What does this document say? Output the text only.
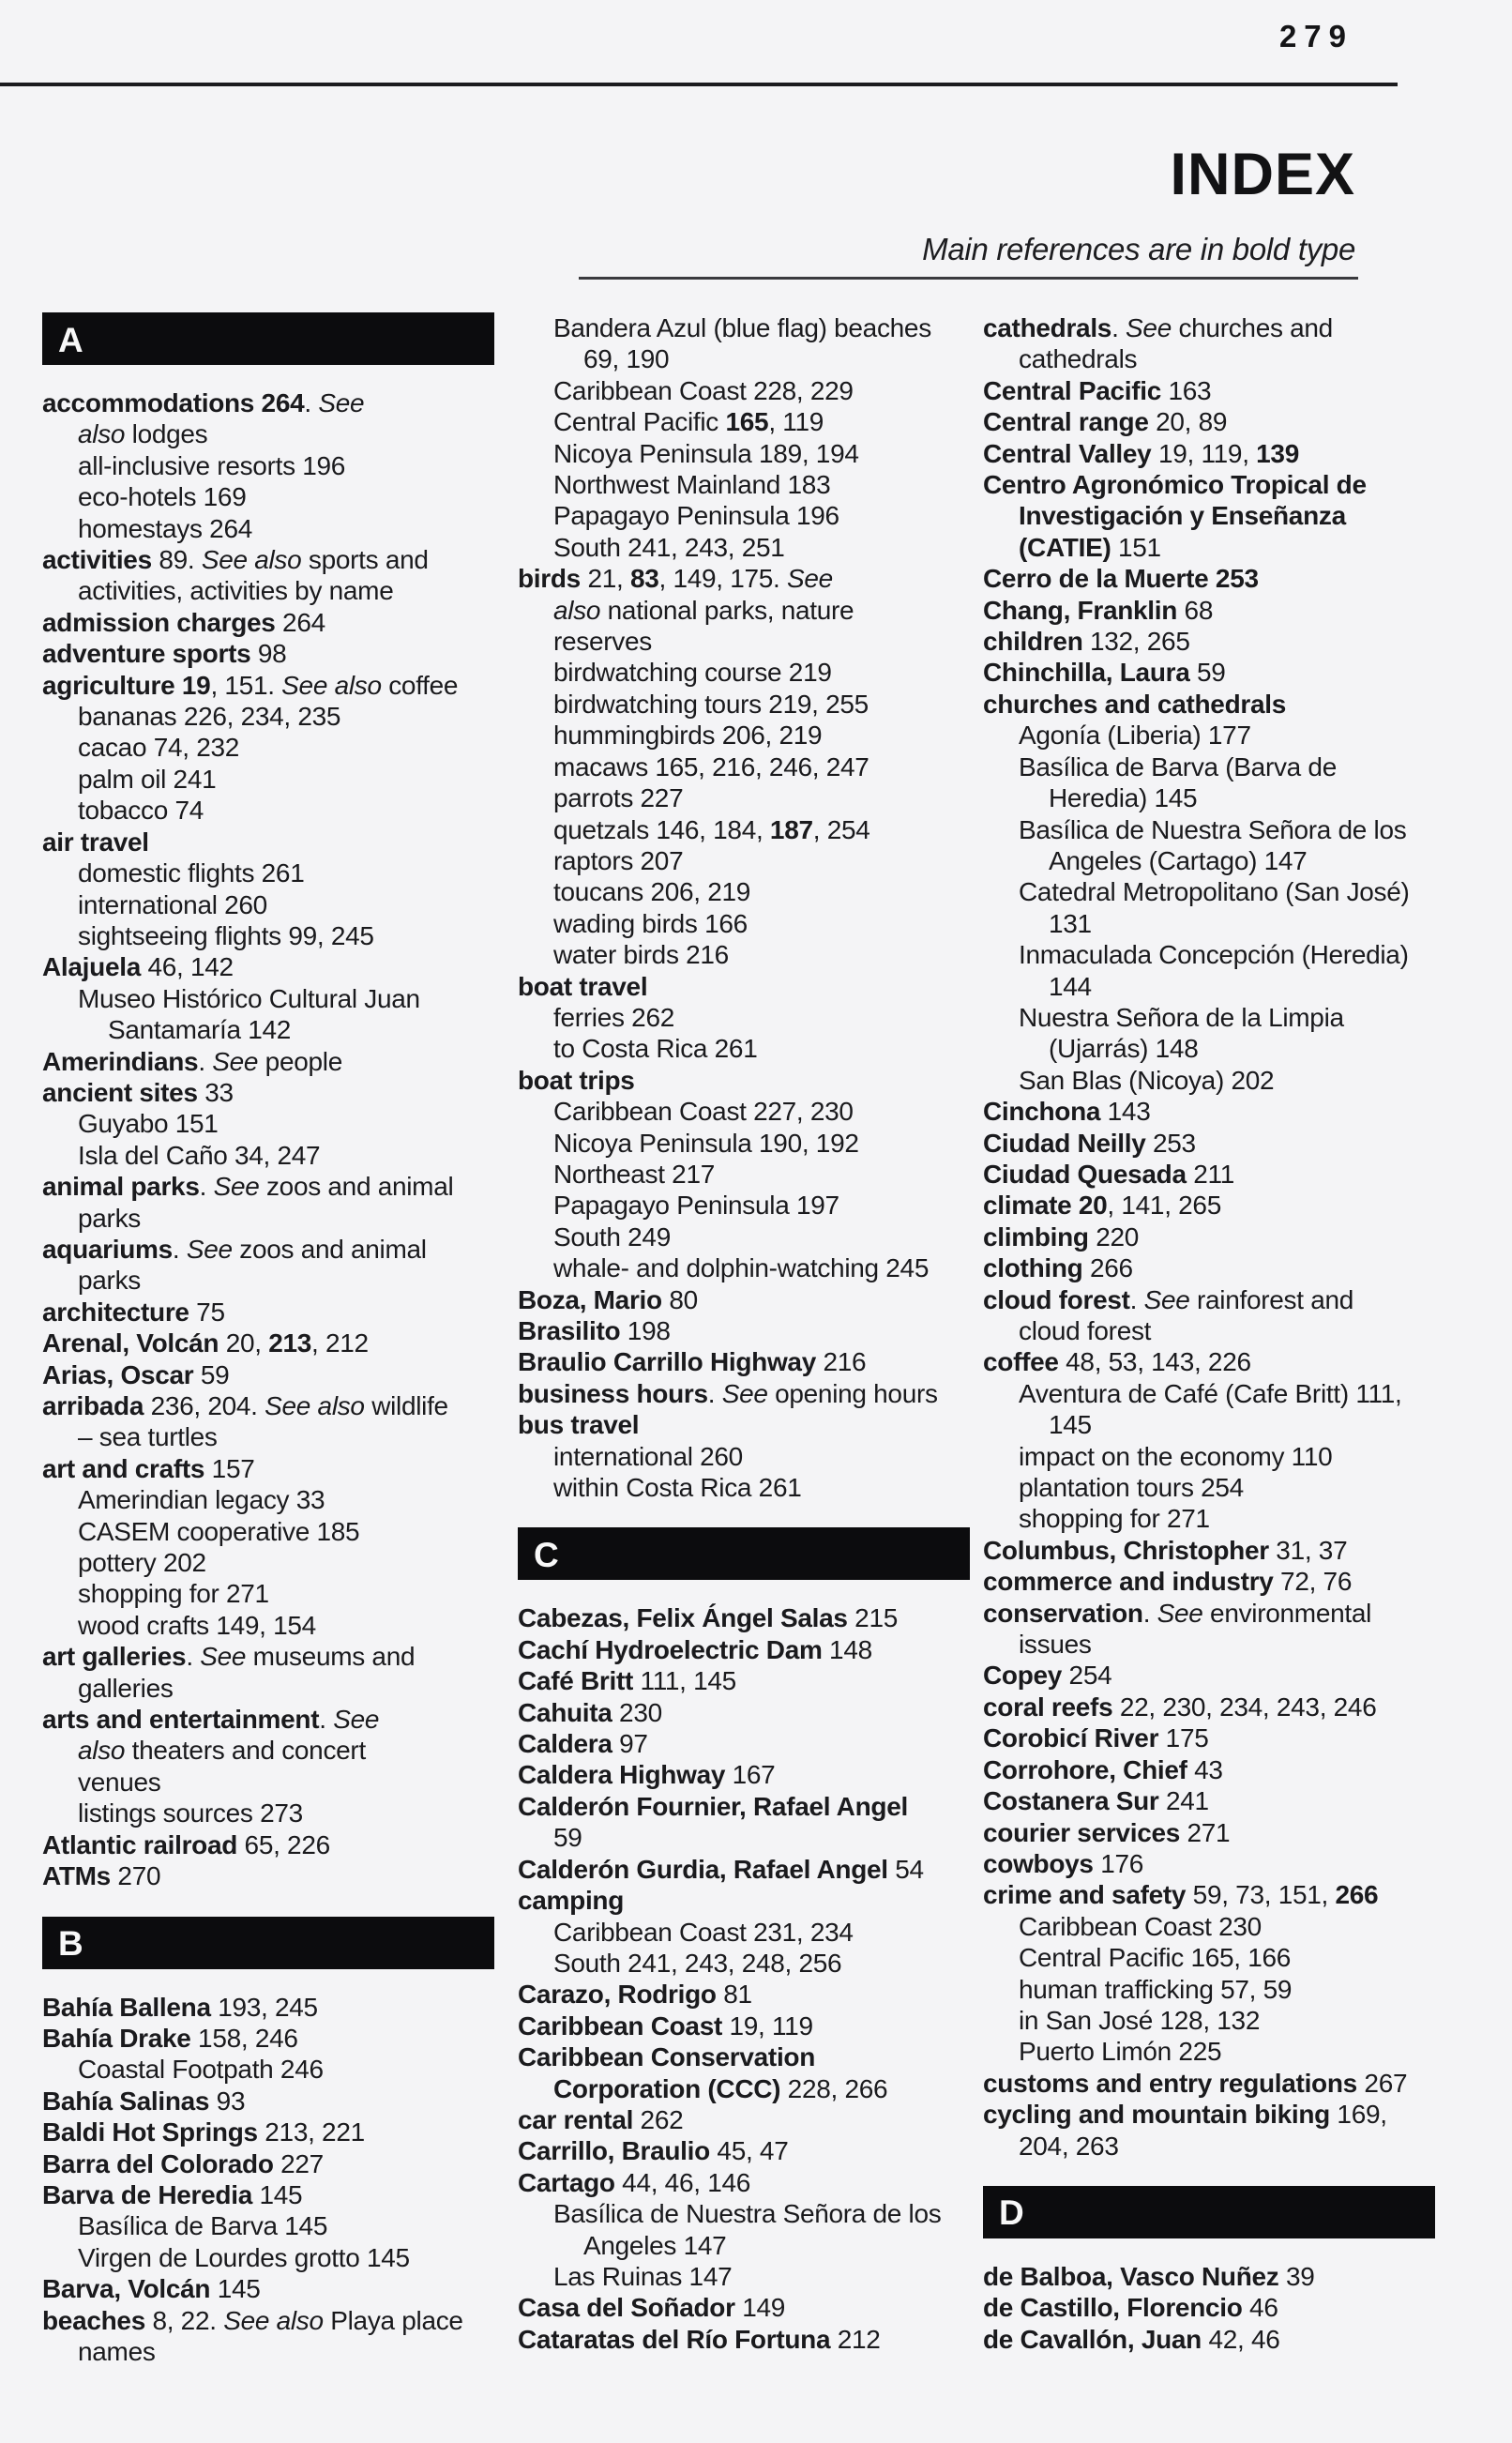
279
INDEX
Main references are in bold type
A
accommodations 264. See
also lodges
all-inclusive resorts 196
eco-hotels 169
homestays 264
activities 89. See also sports and
activities, activities by name
admission charges 264
adventure sports 98
agriculture 19, 151. See also coffee
bananas 226, 234, 235
cacao 74, 232
palm oil 241
tobacco 74
air travel
domestic flights 261
international 260
sightseeing flights 99, 245
Alajuela 46, 142
Museo Histórico Cultural Juan
Santamaría 142
Amerindians. See people
ancient sites 33
Guyabo 151
Isla del Caño 34, 247
animal parks. See zoos and animal
parks
aquariums. See zoos and animal
parks
architecture 75
Arenal, Volcán 20, 213, 212
Arias, Oscar 59
arribada 236, 204. See also wildlife
– sea turtles
art and crafts 157
Amerindian legacy 33
CASEM cooperative 185
pottery 202
shopping for 271
wood crafts 149, 154
art galleries. See museums and
galleries
arts and entertainment. See
also theaters and concert
venues
listings sources 273
Atlantic railroad 65, 226
ATMs 270
B
Bahía Ballena 193, 245
Bahía Drake 158, 246
Coastal Footpath 246
Bahía Salinas 93
Baldi Hot Springs 213, 221
Barra del Colorado 227
Barva de Heredia 145
Basílica de Barva 145
Virgen de Lourdes grotto 145
Barva, Volcán 145
beaches 8, 22. See also Playa place
names
Bandera Azul (blue flag) beaches
69, 190
Caribbean Coast 228, 229
Central Pacific 165, 119
Nicoya Peninsula 189, 194
Northwest Mainland 183
Papagayo Peninsula 196
South 241, 243, 251
birds 21, 83, 149, 175. See
also national parks, nature
reserves
birdwatching course 219
birdwatching tours 219, 255
hummingbirds 206, 219
macaws 165, 216, 246, 247
parrots 227
quetzals 146, 184, 187, 254
raptors 207
toucans 206, 219
wading birds 166
water birds 216
boat travel
ferries 262
to Costa Rica 261
boat trips
Caribbean Coast 227, 230
Nicoya Peninsula 190, 192
Northeast 217
Papagayo Peninsula 197
South 249
whale- and dolphin-watching 245
Boza, Mario 80
Brasilito 198
Braulio Carrillo Highway 216
business hours. See opening hours
bus travel
international 260
within Costa Rica 261
C
Cabezas, Felix Ángel Salas 215
Cachí Hydroelectric Dam 148
Café Britt 111, 145
Cahuita 230
Caldera 97
Caldera Highway 167
Calderón Fournier, Rafael Angel
59
Calderón Gurdia, Rafael Angel 54
camping
Caribbean Coast 231, 234
South 241, 243, 248, 256
Carazo, Rodrigo 81
Caribbean Coast 19, 119
Caribbean Conservation
Corporation (CCC) 228, 266
car rental 262
Carrillo, Braulio 45, 47
Cartago 44, 46, 146
Basílica de Nuestra Señora de los
Angeles 147
Las Ruinas 147
Casa del Soñador 149
Cataratas del Río Fortuna 212
cathedrals. See churches and
cathedrals
Central Pacific 163
Central range 20, 89
Central Valley 19, 119, 139
Centro Agronómico Tropical de
Investigación y Enseñanza
(CATIE) 151
Cerro de la Muerte 253
Chang, Franklin 68
children 132, 265
Chinchilla, Laura 59
churches and cathedrals
Agonía (Liberia) 177
Basílica de Barva (Barva de
Heredia) 145
Basílica de Nuestra Señora de los
Angeles (Cartago) 147
Catedral Metropolitano (San José)
131
Inmaculada Concepción (Heredia)
144
Nuestra Señora de la Limpia
(Ujarrás) 148
San Blas (Nicoya) 202
Cinchona 143
Ciudad Neilly 253
Ciudad Quesada 211
climate 20, 141, 265
climbing 220
clothing 266
cloud forest. See rainforest and
cloud forest
coffee 48, 53, 143, 226
Aventura de Café (Cafe Britt) 111,
145
impact on the economy 110
plantation tours 254
shopping for 271
Columbus, Christopher 31, 37
commerce and industry 72, 76
conservation. See environmental
issues
Copey 254
coral reefs 22, 230, 234, 243, 246
Corobicí River 175
Corrohore, Chief 43
Costanera Sur 241
courier services 271
cowboys 176
crime and safety 59, 73, 151, 266
Caribbean Coast 230
Central Pacific 165, 166
human trafficking 57, 59
in San José 128, 132
Puerto Limón 225
customs and entry regulations 267
cycling and mountain biking 169,
204, 263
D
de Balboa, Vasco Nuñez 39
de Castillo, Florencio 46
de Cavallón, Juan 42, 46
